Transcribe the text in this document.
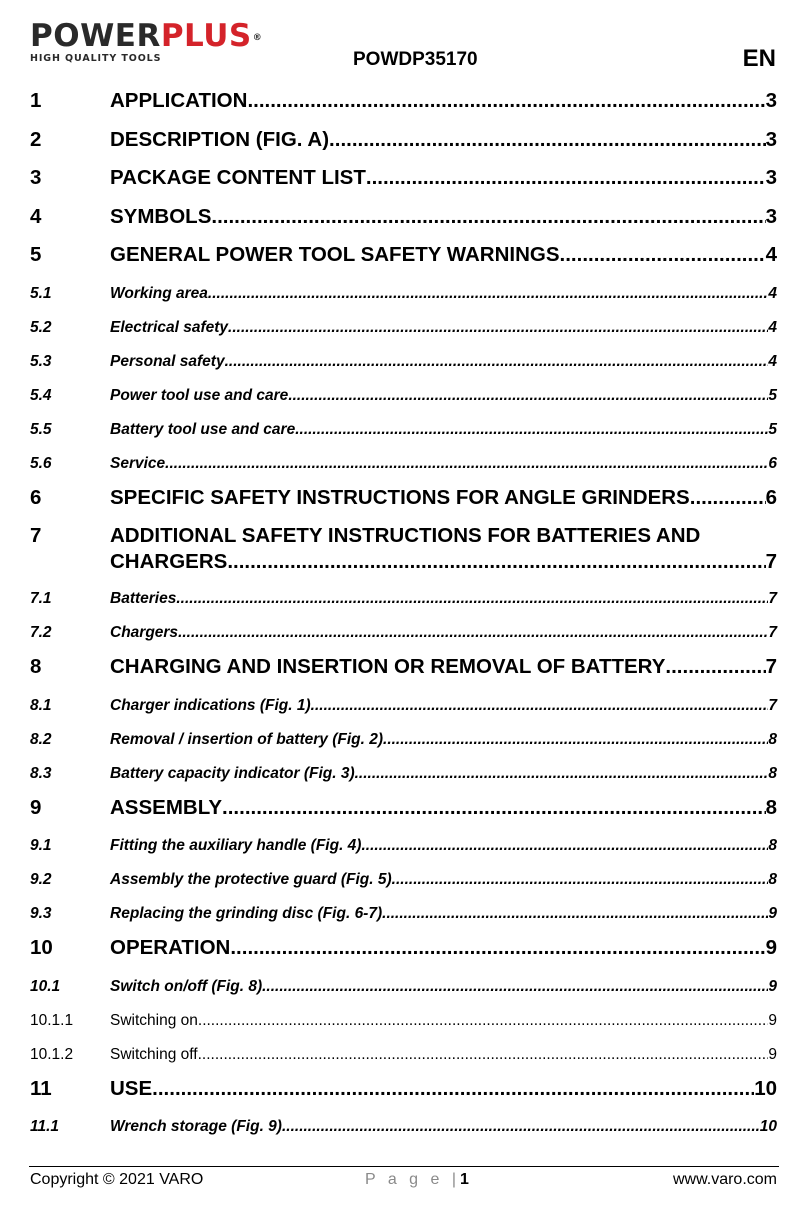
POWERPLUS®
HIGH QUALITY TOOLS	POWDP35170	EN
1	APPLICATION .....	3
2	DESCRIPTION (FIG. A) .....	3
3	PACKAGE CONTENT LIST .....	3
4	SYMBOLS .....	3
5	GENERAL POWER TOOL SAFETY WARNINGS .....	4
5.1	Working area .....	4
5.2	Electrical safety .....	4
5.3	Personal safety .....	4
5.4	Power tool use and care .....	5
5.5	Battery tool use and care .....	5
5.6	Service .....	6
6	SPECIFIC SAFETY INSTRUCTIONS FOR ANGLE GRINDERS .....	6
7	ADDITIONAL SAFETY INSTRUCTIONS FOR BATTERIES AND
CHARGERS .....	7
7.1	Batteries .....	7
7.2	Chargers .....	7
8	CHARGING AND INSERTION OR REMOVAL OF BATTERY .....	7
8.1	Charger indications (Fig. 1) .....	7
8.2	Removal / insertion of battery (Fig. 2) .....	8
8.3	Battery capacity indicator (Fig. 3) .....	8
9	ASSEMBLY .....	8
9.1	Fitting the auxiliary handle (Fig. 4) .....	8
9.2	Assembly the protective guard (Fig. 5) .....	8
9.3	Replacing the grinding disc (Fig. 6-7) .....	9
10	OPERATION .....	9
10.1	Switch on/off (Fig. 8) .....	9
10.1.1 Switching on .....	9
10.1.2 Switching off .....	9
11	USE .....	10
11.1	Wrench storage (Fig. 9) .....	10
Copyright © 2021 VARO	P a g e |1	www.varo.com
